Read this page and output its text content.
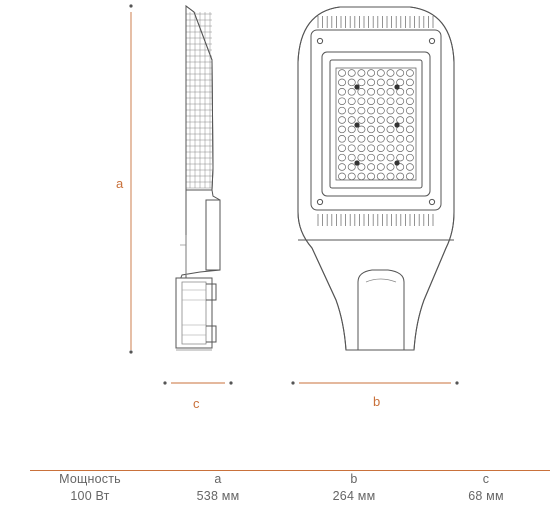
a
c	b
Мощность	a	b	c
100 Вт	538 мм	264 мм	68 мм
